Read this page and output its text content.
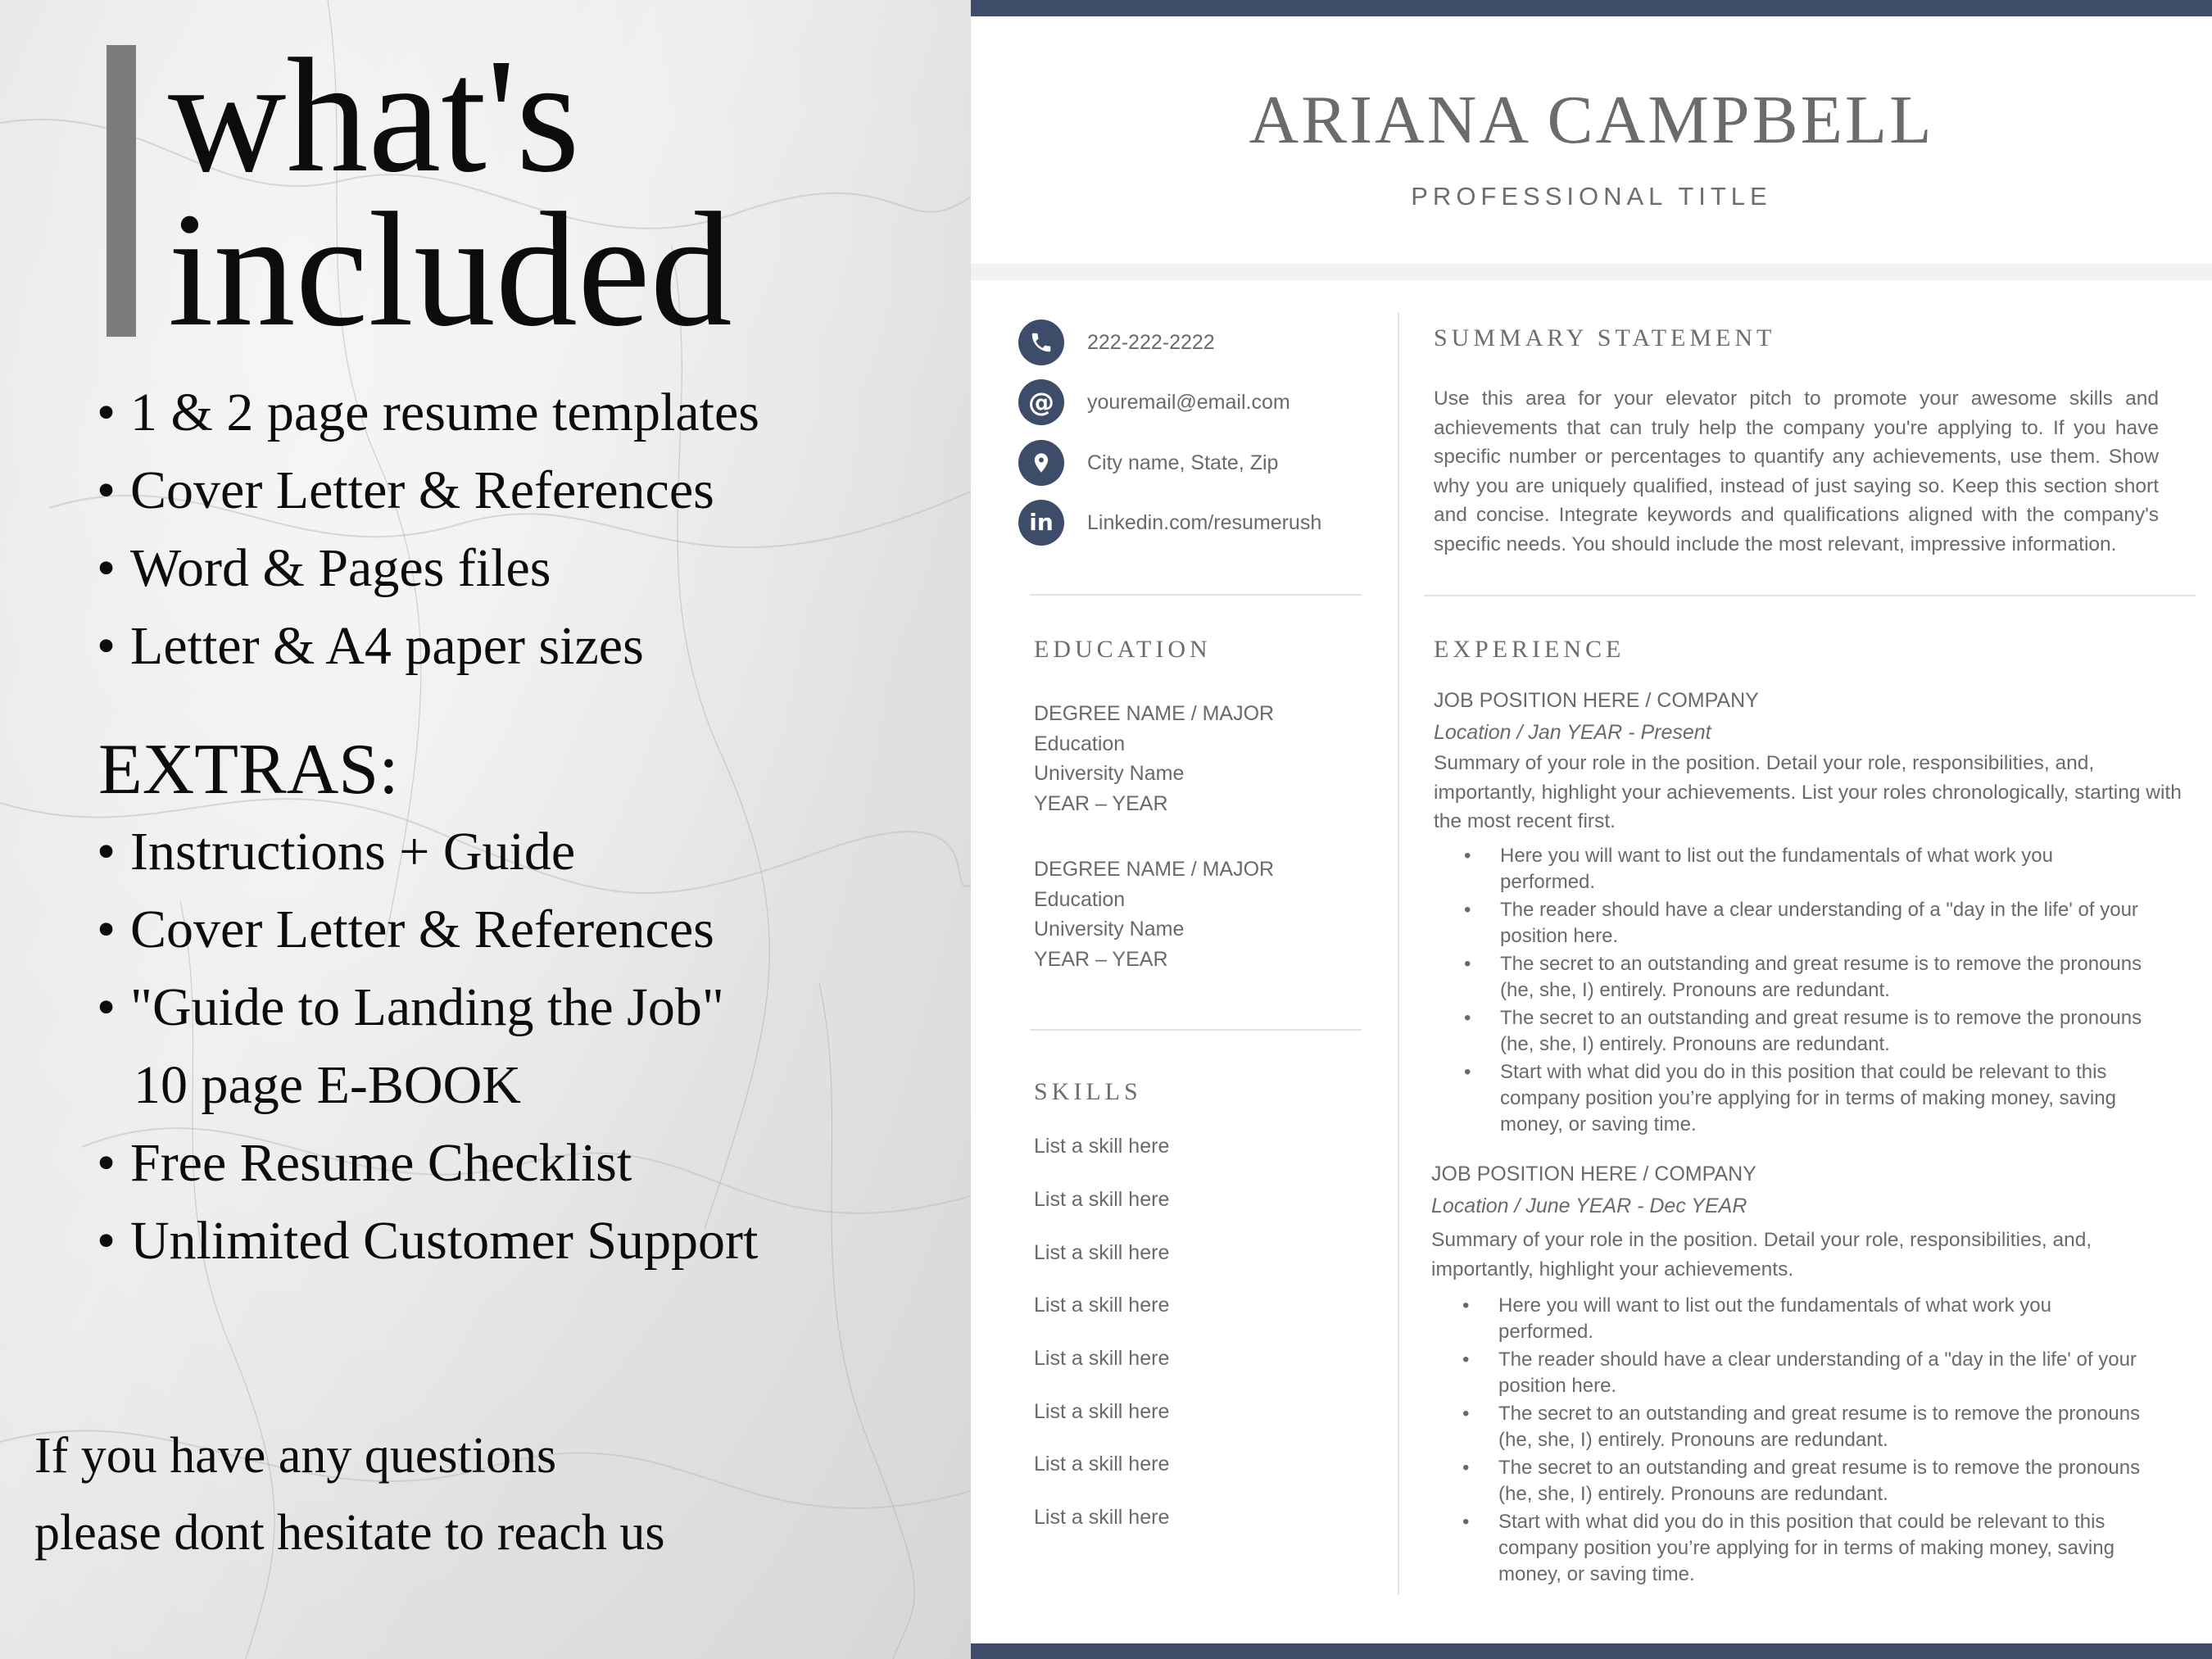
what's
included
• 1 & 2 page resume templates
• Cover Letter & References
• Word & Pages files
• Letter & A4 paper sizes
EXTRAS:
• Instructions + Guide
• Cover Letter & References
• "Guide to Landing the Job"
10 page E-BOOK
• Free Resume Checklist
• Unlimited Customer Support
If you have any questions
please dont hesitate to reach us
ARIANA CAMPBELL
PROFESSIONAL TITLE
222-222-2222
@ youremail@email.com
City name, State, Zip
in Linkedin.com/resumerush
EDUCATION
DEGREE NAME / MAJOR
Education
University Name
YEAR – YEAR
DEGREE NAME / MAJOR
Education
University Name
YEAR – YEAR
SKILLS
List a skill here
List a skill here
List a skill here
List a skill here
List a skill here
List a skill here
List a skill here
List a skill here
SUMMARY STATEMENT
Use this area for your elevator pitch to promote your awesome skills and achievements that can truly help the company you're applying to. If you have specific number or percentages to quantify any achievements, use them. Show why you are uniquely qualified, instead of just saying so. Keep this section short and concise. Integrate keywords and qualifications aligned with the company's specific needs. You should include the most relevant, impressive information.
EXPERIENCE
JOB POSITION HERE / COMPANY
Location / Jan YEAR - Present
Summary of your role in the position. Detail your role, responsibilities, and, importantly, highlight your achievements. List your roles chronologically, starting with the most recent first.
• Here you will want to list out the fundamentals of what work you performed.
• The reader should have a clear understanding of a "day in the life' of your position here.
• The secret to an outstanding and great resume is to remove the pronouns (he, she, I) entirely. Pronouns are redundant.
• The secret to an outstanding and great resume is to remove the pronouns (he, she, I) entirely. Pronouns are redundant.
• Start with what did you do in this position that could be relevant to this company position you’re applying for in terms of making money, saving money, or saving time.
JOB POSITION HERE / COMPANY
Location / June YEAR - Dec YEAR
Summary of your role in the position. Detail your role, responsibilities, and, importantly, highlight your achievements.
• Here you will want to list out the fundamentals of what work you performed.
• The reader should have a clear understanding of a "day in the life' of your position here.
• The secret to an outstanding and great resume is to remove the pronouns (he, she, I) entirely. Pronouns are redundant.
• The secret to an outstanding and great resume is to remove the pronouns (he, she, I) entirely. Pronouns are redundant.
• Start with what did you do in this position that could be relevant to this company position you’re applying for in terms of making money, saving money, or saving time.
